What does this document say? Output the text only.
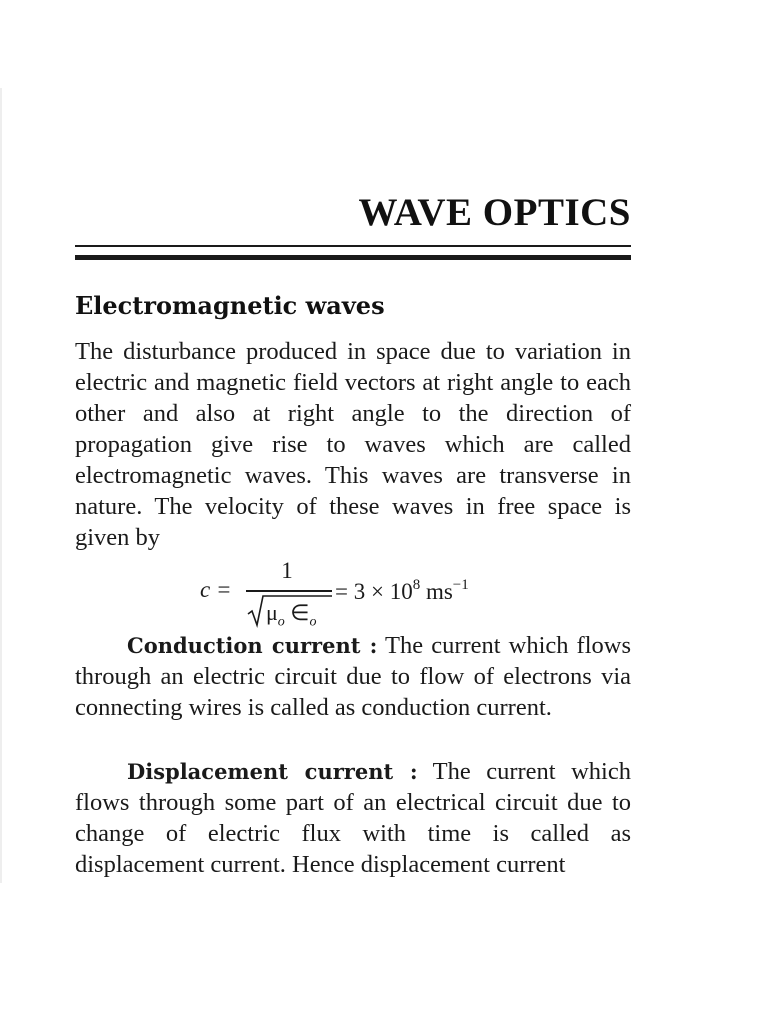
WAVE OPTICS
Electromagnetic waves
The disturbance produced in space due to variation in electric and magnetic field vectors at right angle to each other and also at right angle to the direction of propagation give rise to waves which are called electromagnetic waves. This waves are transverse in nature. The velocity of these waves in free space is given by
c =
1
$\mu_o$ $\in_o$
= $3 \times 10^8$ $ms^{-1}$
Conduction current : The current which flows through an electric circuit due to flow of electrons via connecting wires is called as conduction current.
Displacement current : The current which flows through some part of an electrical circuit due to change of electric flux with time is called as displacement current. Hence displacement current
